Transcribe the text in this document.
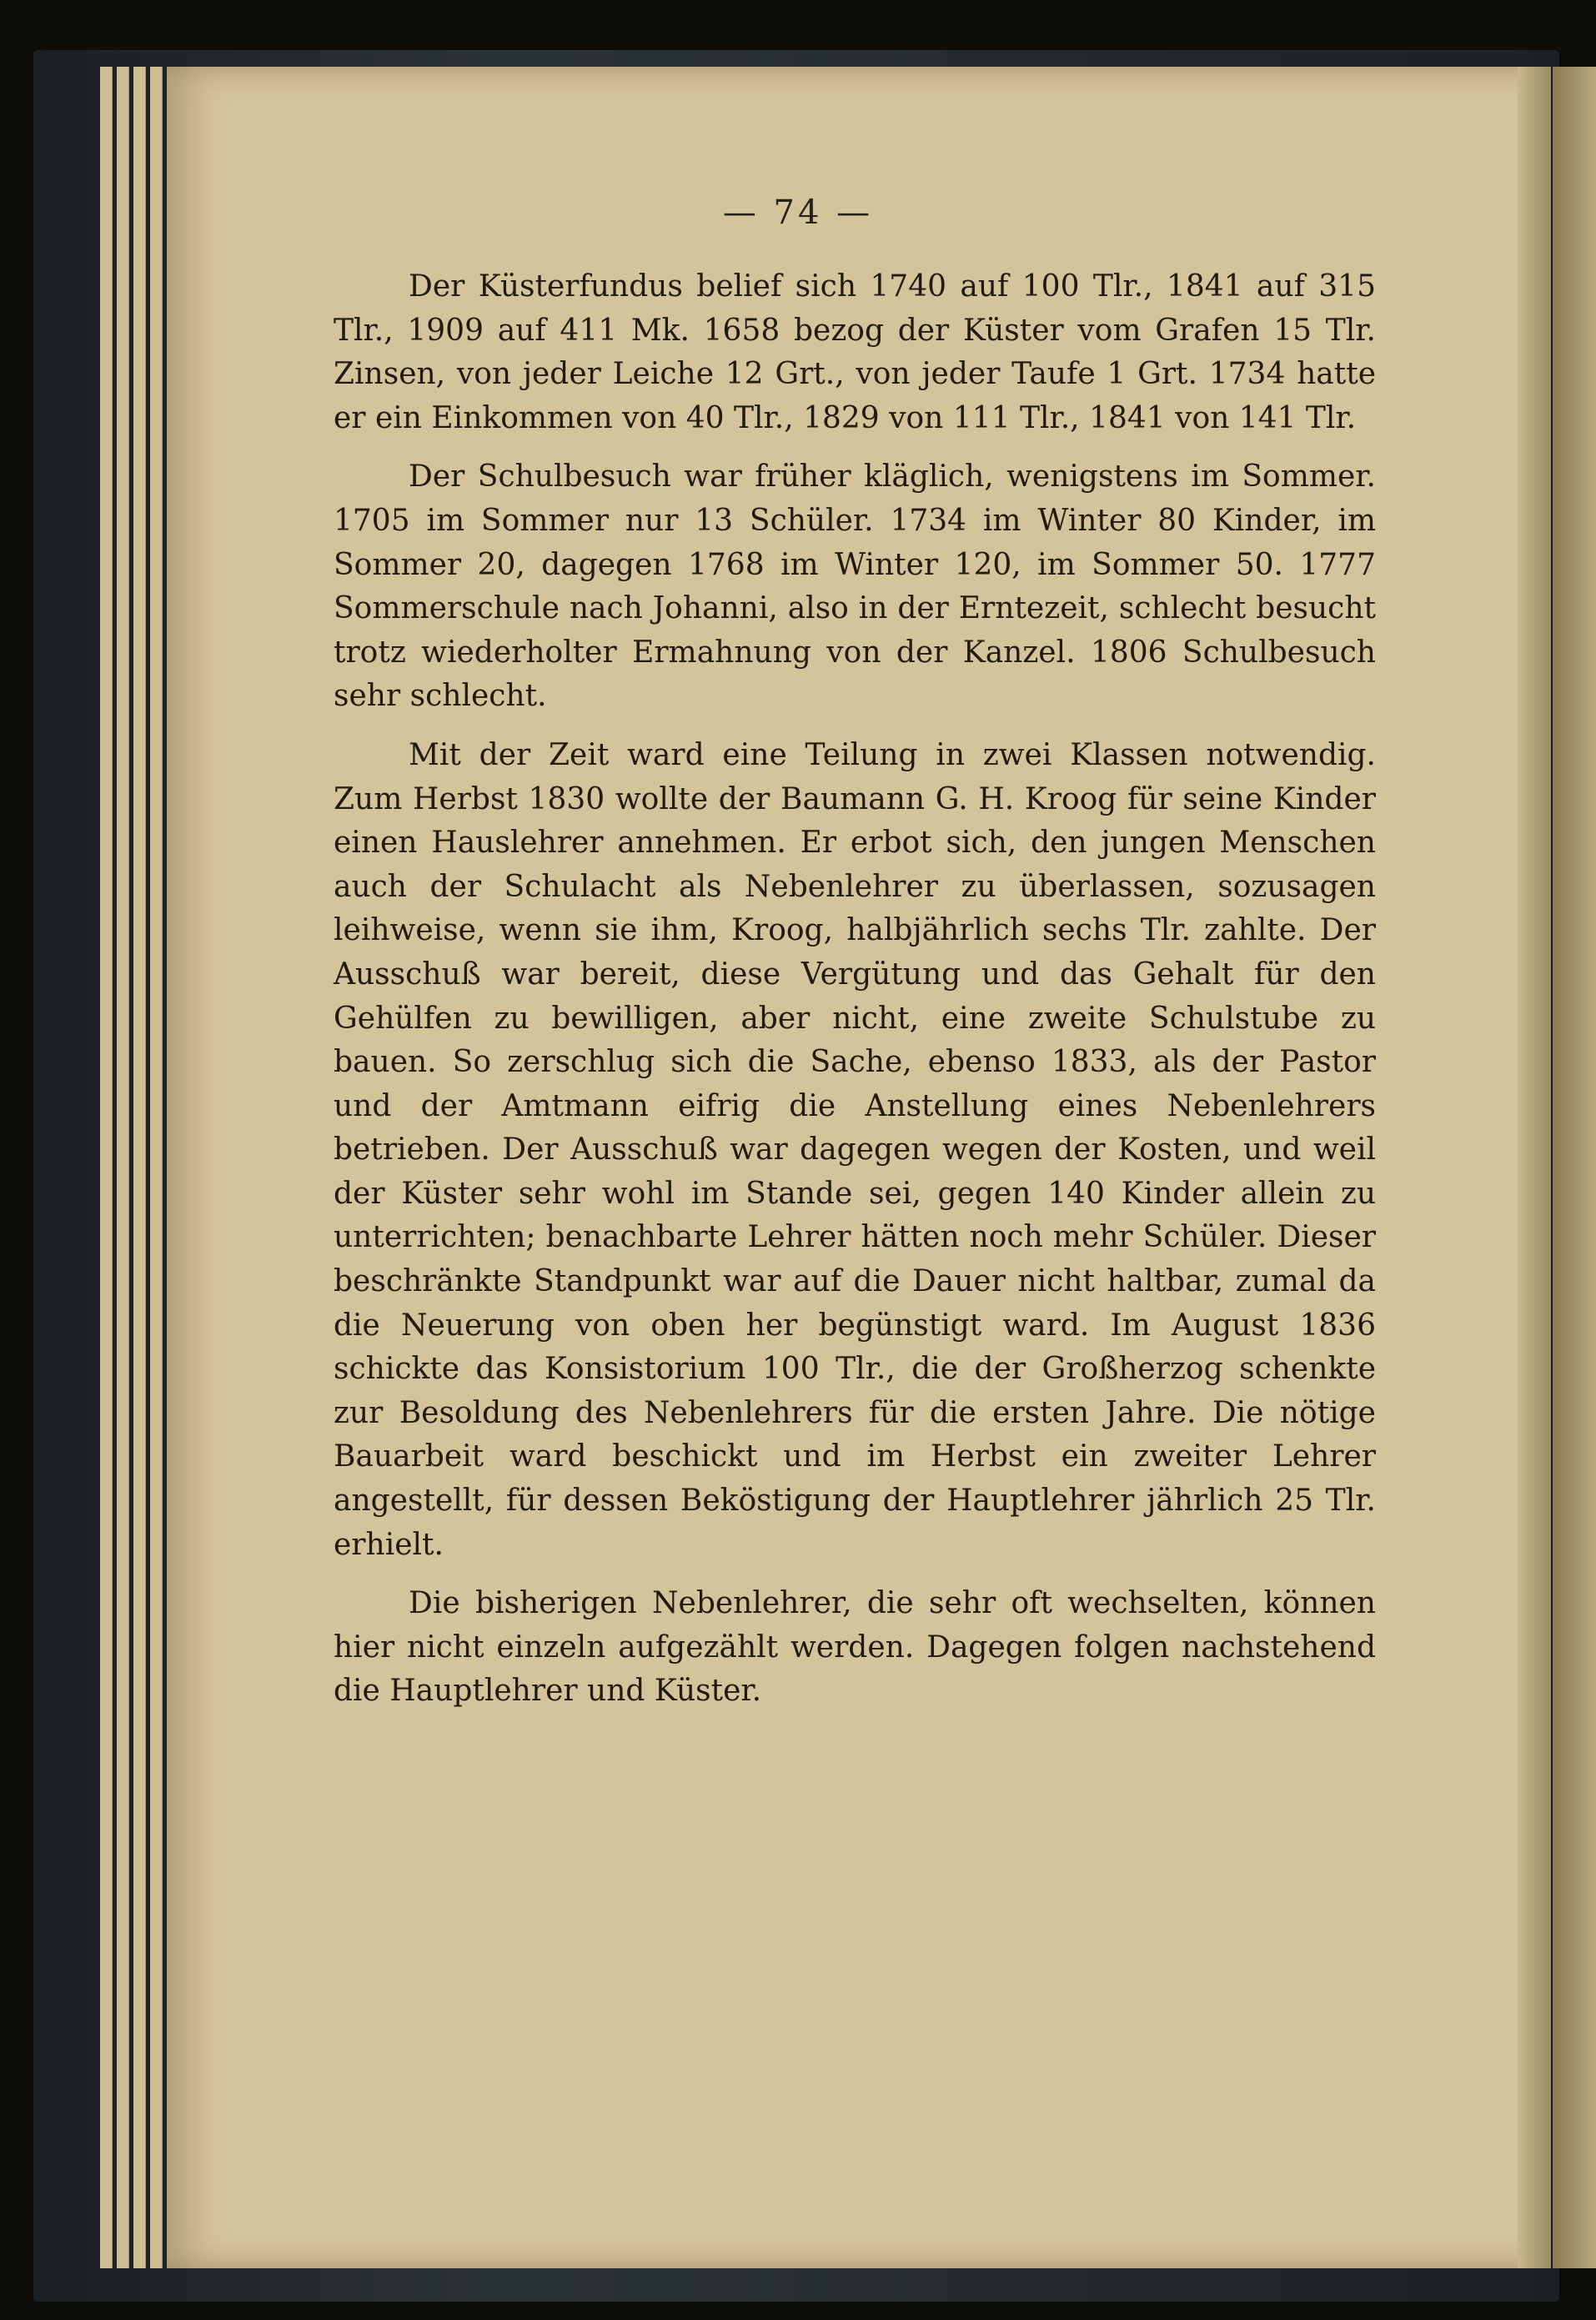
— 74 —

Der Küsterfundus belief sich 1740 auf 100 Tlr., 1841 auf 315 Tlr., 1909 auf 411 Mk. 1658 bezog der Küster vom Grafen 15 Tlr. Zinsen, von jeder Leiche 12 Grt., von jeder Taufe 1 Grt. 1734 hatte er ein Einkommen von 40 Tlr., 1829 von 111 Tlr., 1841 von 141 Tlr.

Der Schulbesuch war früher kläglich, wenigstens im Sommer. 1705 im Sommer nur 13 Schüler. 1734 im Winter 80 Kinder, im Sommer 20, dagegen 1768 im Winter 120, im Sommer 50. 1777 Sommerschule nach Johanni, also in der Erntezeit, schlecht besucht trotz wiederholter Ermahnung von der Kanzel. 1806 Schulbesuch sehr schlecht.

Mit der Zeit ward eine Teilung in zwei Klassen notwendig. Zum Herbst 1830 wollte der Baumann G. H. Kroog für seine Kinder einen Hauslehrer annehmen. Er erbot sich, den jungen Menschen auch der Schulacht als Nebenlehrer zu überlassen, sozusagen leihweise, wenn sie ihm, Kroog, halbjährlich sechs Tlr. zahlte. Der Ausschuß war bereit, diese Vergütung und das Gehalt für den Gehülfen zu bewilligen, aber nicht, eine zweite Schulstube zu bauen. So zerschlug sich die Sache, ebenso 1833, als der Pastor und der Amtmann eifrig die Anstellung eines Nebenlehrers betrieben. Der Ausschuß war dagegen wegen der Kosten, und weil der Küster sehr wohl im Stande sei, gegen 140 Kinder allein zu unterrichten; benachbarte Lehrer hätten noch mehr Schüler. Dieser beschränkte Standpunkt war auf die Dauer nicht haltbar, zumal da die Neuerung von oben her begünstigt ward. Im August 1836 schickte das Konsistorium 100 Tlr., die der Großherzog schenkte zur Besoldung des Nebenlehrers für die ersten Jahre. Die nötige Bauarbeit ward beschickt und im Herbst ein zweiter Lehrer angestellt, für dessen Beköstigung der Hauptlehrer jährlich 25 Tlr. erhielt.

Die bisherigen Nebenlehrer, die sehr oft wechselten, können hier nicht einzeln aufgezählt werden. Dagegen folgen nachstehend die Hauptlehrer und Küster.
